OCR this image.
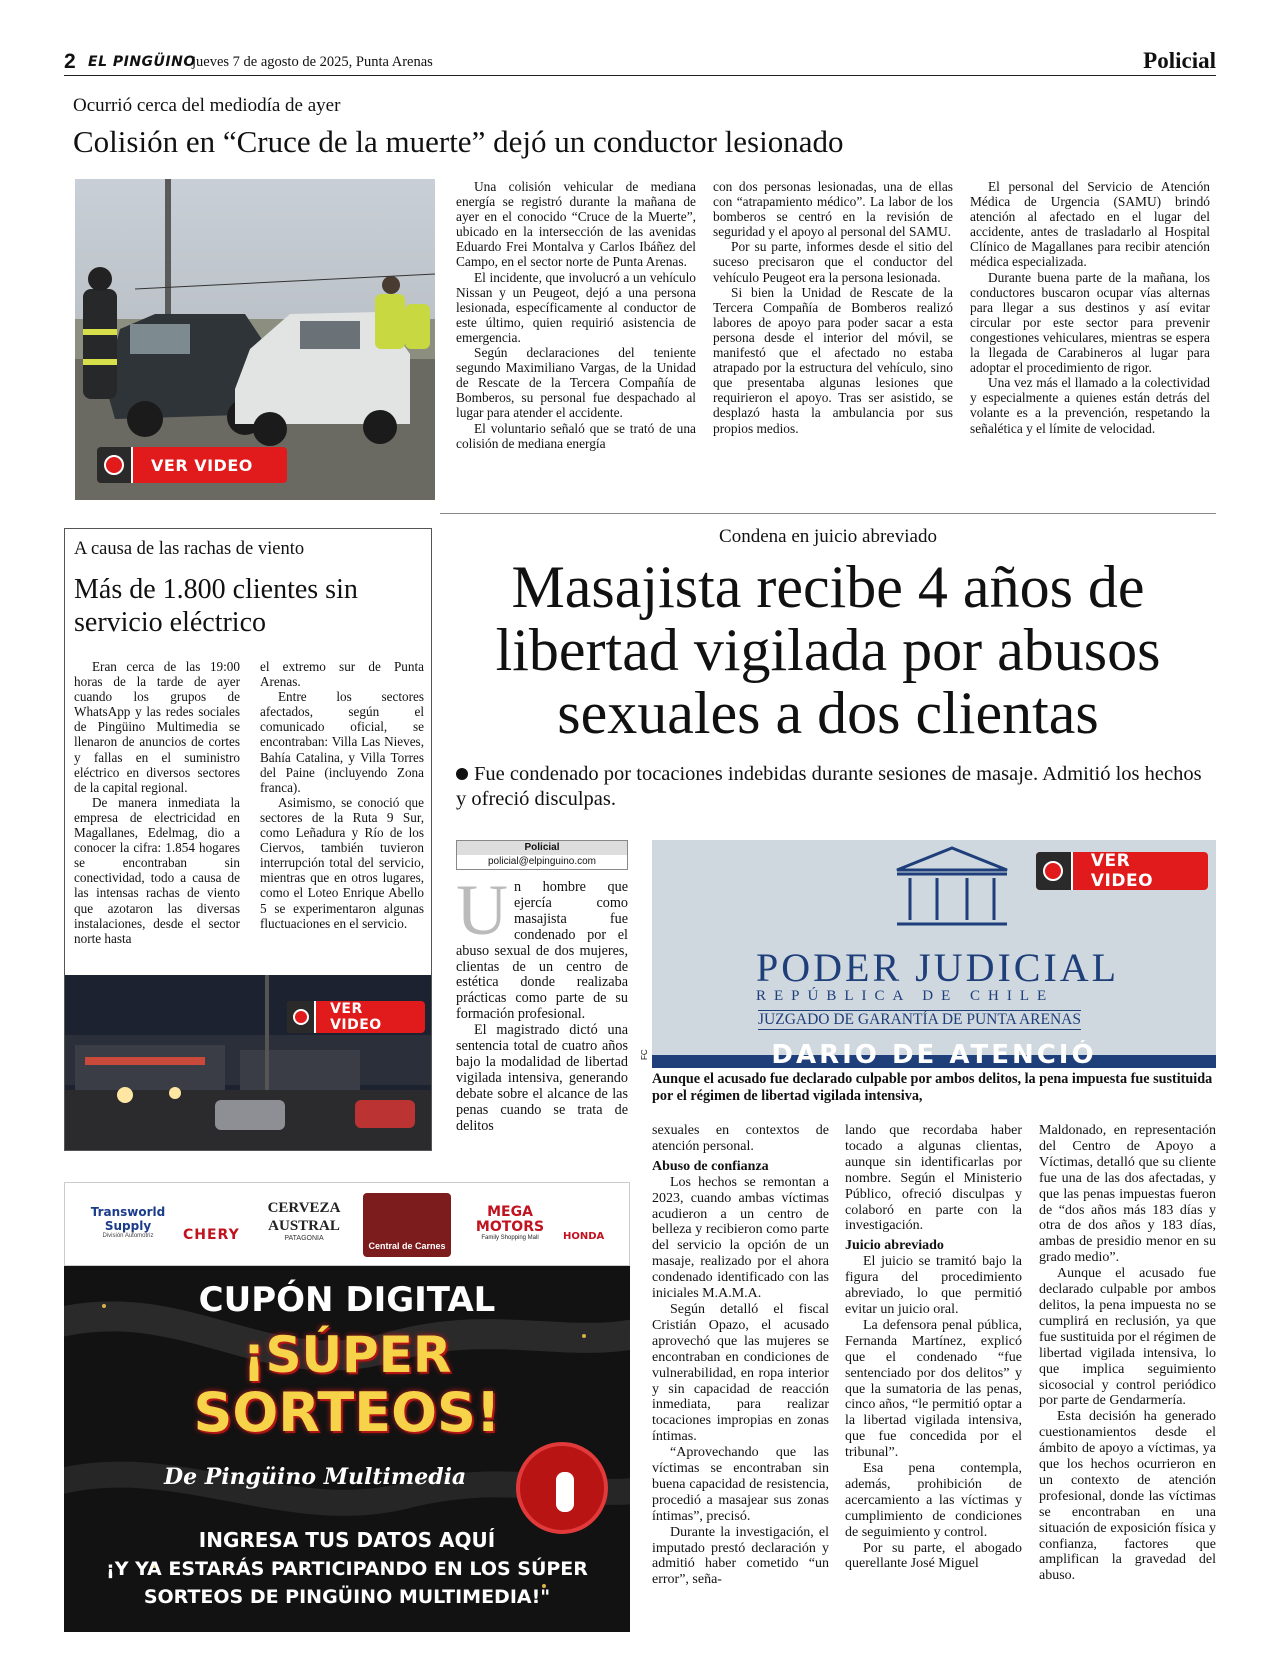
2 EL PINGÜINO
jueves 7 de agosto de 2025, Punta Arenas	Policial
Ocurrió cerca del mediodía de ayer
Colisión en “Cruce de la muerte” dejó un conductor lesionado
VER VIDEO

Una colisión vehicular de mediana energía se registró durante la mañana de ayer en el conocido “Cruce de la Muerte”, ubicado en la intersección de las avenidas Eduardo Frei Montalva y Carlos Ibáñez del Campo, en el sector norte de Punta Arenas.

El incidente, que involucró a un vehículo Nissan y un Peugeot, dejó a una persona lesionada, específicamente al conductor de este último, quien requirió asistencia de emergencia.

Según declaraciones del teniente segundo Maximiliano Vargas, de la Unidad de Rescate de la Tercera Compañía de Bomberos, su personal fue despachado al lugar para atender el accidente.

El voluntario señaló que se trató de una colisión de mediana energía

con dos personas lesionadas, una de ellas con “atrapamiento médico”. La labor de los bomberos se centró en la revisión de seguridad y el apoyo al personal del SAMU.

Por su parte, informes desde el sitio del suceso precisaron que el conductor del vehículo Peugeot era la persona lesionada.

Si bien la Unidad de Rescate de la Tercera Compañía de Bomberos realizó labores de apoyo para poder sacar a esta persona desde el interior del móvil, se manifestó que el afectado no estaba atrapado por la estructura del vehículo, sino que presentaba algunas lesiones que requirieron el apoyo. Tras ser asistido, se desplazó hasta la ambulancia por sus propios medios.

El personal del Servicio de Atención Médica de Urgencia (SAMU) brindó atención al afectado en el lugar del accidente, antes de trasladarlo al Hospital Clínico de Magallanes para recibir atención médica especializada.

Durante buena parte de la mañana, los conductores buscaron ocupar vías alternas para llegar a sus destinos y así evitar circular por este sector para prevenir congestiones vehiculares, mientras se espera la llegada de Carabineros al lugar para adoptar el procedimiento de rigor.

Una vez más el llamado a la colectividad y especialmente a quienes están detrás del volante es a la prevención, respetando la señalética y el límite de velocidad.

A causa de las rachas de viento
Más de 1.800 clientes sin servicio eléctrico

Eran cerca de las 19:00 horas de la tarde de ayer cuando los grupos de WhatsApp y las redes sociales de Pingüino Multimedia se llenaron de anuncios de cortes y fallas en el suministro eléctrico en diversos sectores de la capital regional.

De manera inmediata la empresa de electricidad en Magallanes, Edelmag, dio a conocer la cifra: 1.854 hogares se encontraban sin conectividad, todo a causa de las intensas rachas de viento que azotaron las diversas instalaciones, desde el sector norte hasta

el extremo sur de Punta Arenas.

Entre los sectores afectados, según el comunicado oficial, se encontraban: Villa Las Nieves, Bahía Catalina, y Villa Torres del Paine (incluyendo Zona franca).

Asimismo, se conoció que sectores de la Ruta 9 Sur, como Leñadura y Río de los Ciervos, también tuvieron interrupción total del servicio, mientras que en otros lugares, como el Loteo Enrique Abello 5 se experimentaron algunas fluctuaciones en el servicio.

VER VIDEO
Condena en juicio abreviado
Masajista recibe 4 años de libertad vigilada por abusos sexuales a dos clientas
Fue condenado por tocaciones indebidas durante sesiones de masaje. Admitió los hechos y ofreció disculpas.
Policial
policial@elpinguino.com
U n hombre que ejercía como masajista fue condenado por el abuso sexual de dos mujeres, clientas de un centro de estética donde realizaba prácticas como parte de su formación profesional.

El magistrado dictó una sentencia total de cuatro años bajo la modalidad de libertad vigilada intensiva, generando debate sobre el alcance de las penas cuando se trata de delitos

PODER JUDICIAL
REPÚBLICA DE CHILE
JUZGADO DE GARANTÍA DE PUNTA ARENAS
DARIO DE ATENCIÓ
VER VIDEO
FC
Aunque el acusado fue declarado culpable por ambos delitos, la pena impuesta fue sustituida por el régimen de libertad vigilada intensiva,

sexuales en contextos de atención personal.

Abuso de confianza

Los hechos se remontan a 2023, cuando ambas víctimas acudieron a un centro de belleza y recibieron como parte del servicio la opción de un masaje, realizado por el ahora condenado identificado con las iniciales M.A.M.A.

Según detalló el fiscal Cristián Opazo, el acusado aprovechó que las mujeres se encontraban en condiciones de vulnerabilidad, en ropa interior y sin capacidad de reacción inmediata, para realizar tocaciones impropias en zonas íntimas.

“Aprovechando que las víctimas se encontraban sin buena capacidad de resistencia, procedió a masajear sus zonas íntimas”, precisó.

Durante la investigación, el imputado prestó declaración y admitió haber cometido “un error”, seña-

lando que recordaba haber tocado a algunas clientas, aunque sin identificarlas por nombre. Según el Ministerio Público, ofreció disculpas y colaboró en parte con la investigación.

Juicio abreviado

El juicio se tramitó bajo la figura del procedimiento abreviado, lo que permitió evitar un juicio oral.

La defensora penal pública, Fernanda Martínez, explicó que el condenado “fue sentenciado por dos delitos” y que la sumatoria de las penas, cinco años, “le permitió optar a la libertad vigilada intensiva, que fue concedida por el tribunal”.

Esa pena contempla, además, prohibición de acercamiento a las víctimas y cumplimiento de condiciones de seguimiento y control.

Por su parte, el abogado querellante José Miguel

Maldonado, en representación del Centro de Apoyo a Víctimas, detalló que su cliente fue una de las dos afectadas, y que las penas impuestas fueron de “dos años más 183 días y otra de dos años y 183 días, ambas de presidio menor en su grado medio”.

Aunque el acusado fue declarado culpable por ambos delitos, la pena impuesta no se cumplirá en reclusión, ya que fue sustituida por el régimen de libertad vigilada intensiva, lo que implica seguimiento sicosocial y control periódico por parte de Gendarmería.

Esta decisión ha generado cuestionamientos desde el ámbito de apoyo a víctimas, ya que los hechos ocurrieron en un contexto de atención profesional, donde las víctimas se encontraban en una situación de exposición física y confianza, factores que amplifican la gravedad del abuso.

Transworld Supply
División Automotriz	CHERY
CERVEZA AUSTRAL
PATAGONIA
Central de Carnes
MEGA MOTORS
Family Shopping Mall	HONDA
CUPÓN DIGITAL
¡SÚPER
SORTEOS!
De Pingüino Multimedia
INGRESA TUS DATOS AQUÍ
¡Y YA ESTARÁS PARTICIPANDO EN LOS SÚPER
SORTEOS DE PINGÜINO MULTIMEDIA!"
